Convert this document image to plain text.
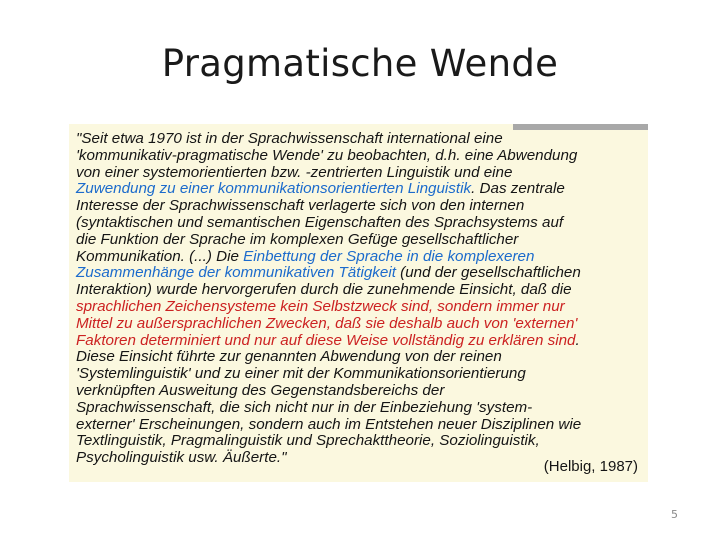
Pragmatische Wende

"Seit etwa 1970 ist in der Sprachwissenschaft international eine
'kommunikativ-pragmatische Wende' zu beobachten, d.h. eine Abwendung
von einer systemorientierten bzw. -zentrierten Linguistik und eine
Zuwendung zu einer kommunikationsorientierten Linguistik. Das zentrale
Interesse der Sprachwissenschaft verlagerte sich von den internen
(syntaktischen und semantischen Eigenschaften des Sprachsystems auf
die Funktion der Sprache im komplexen Gefüge gesellschaftlicher
Kommunikation. (...) Die Einbettung der Sprache in die komplexeren
Zusammenhänge der kommunikativen Tätigkeit (und der gesellschaftlichen
Interaktion) wurde hervorgerufen durch die zunehmende Einsicht, daß die
sprachlichen Zeichensysteme kein Selbstzweck sind, sondern immer nur
Mittel zu außersprachlichen Zwecken, daß sie deshalb auch von 'externen'
Faktoren determiniert und nur auf diese Weise vollständig zu erklären sind.
Diese Einsicht führte zur genannten Abwendung von der reinen
'Systemlinguistik' und zu einer mit der Kommunikationsorientierung
verknüpften Ausweitung des Gegenstandsbereichs der
Sprachwissenschaft, die sich nicht nur in der Einbeziehung 'system-
externer' Erscheinungen, sondern auch im Entstehen neuer Disziplinen wie
Textlinguistik, Pragmalinguistik und Sprechakttheorie, Soziolinguistik,
Psycholinguistik usw. Äußerte."

(Helbig, 1987)
5
